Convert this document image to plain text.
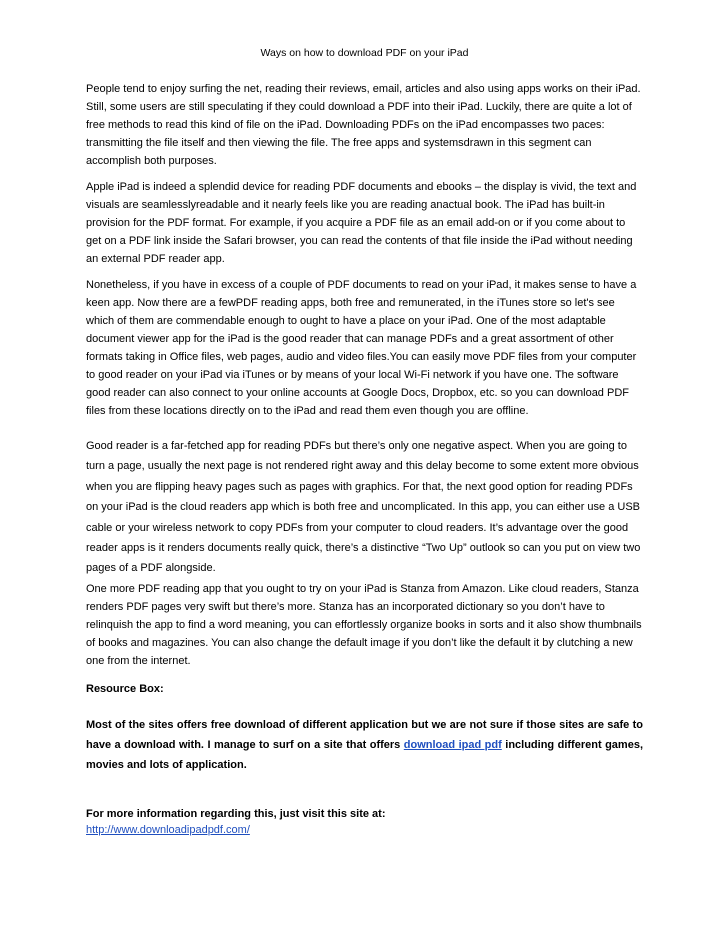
Ways on how to download PDF on your iPad

People tend to enjoy surfing the net, reading their reviews, email, articles and also using apps works on their iPad. Still, some users are still speculating if they could download a PDF into their iPad. Luckily, there are quite a lot of free methods to read this kind of file on the iPad. Downloading PDFs on the iPad encompasses two paces: transmitting the file itself and then viewing the file. The free apps and systemsdrawn in this segment can accomplish both purposes.

Apple iPad is indeed a splendid device for reading PDF documents and ebooks – the display is vivid, the text and visuals are seamlesslyreadable and it nearly feels like you are reading anactual book. The iPad has built-in provision for the PDF format. For example, if you acquire a PDF file as an email add-on or if you come about to get on a PDF link inside the Safari browser, you can read the contents of that file inside the iPad without needing an external PDF reader app.

Nonetheless, if you have in excess of a couple of PDF documents to read on your iPad, it makes sense to have a keen app. Now there are a fewPDF reading apps, both free and remunerated, in the iTunes store so let's see which of them are commendable enough to ought to have a place on your iPad. One of the most adaptable document viewer app for the iPad is the good reader that can manage PDFs and a great assortment of other formats taking in Office files, web pages, audio and video files.You can easily move PDF files from your computer to good reader on your iPad via iTunes or by means of your local Wi-Fi network if you have one. The software good reader can also connect to your online accounts at Google Docs, Dropbox, etc. so you can download PDF files from these locations directly on to the iPad and read them even though you are offline.

Good reader is a far-fetched app for reading PDFs but there’s only one negative aspect. When you are going to turn a page, usually the next page is not rendered right away and this delay become to some extent more obvious when you are flipping heavy pages such as pages with graphics. For that, the next good option for reading PDFs on your iPad is the cloud readers app which is both free and uncomplicated. In this app, you can either use a USB cable or your wireless network to copy PDFs from your computer to cloud readers. It’s advantage over the good reader apps is it renders documents really quick, there’s a distinctive “Two Up” outlook so can you put on view two pages of a PDF alongside.

One more PDF reading app that you ought to try on your iPad is Stanza from Amazon. Like cloud readers, Stanza renders PDF pages very swift but there’s more. Stanza has an incorporated dictionary so you don’t have to relinquish the app to find a word meaning, you can effortlessly organize books in sorts and it also show thumbnails of books and magazines. You can also change the default image if you don’t like the default it by clutching a new one from the internet.

Resource Box:

Most of the sites offers free download of different application but we are not sure if those sites are safe to have a download with. I manage to surf on a site that offers download ipad pdf including different games, movies and lots of application.

For more information regarding this, just visit this site at:
http://www.downloadipadpdf.com/
